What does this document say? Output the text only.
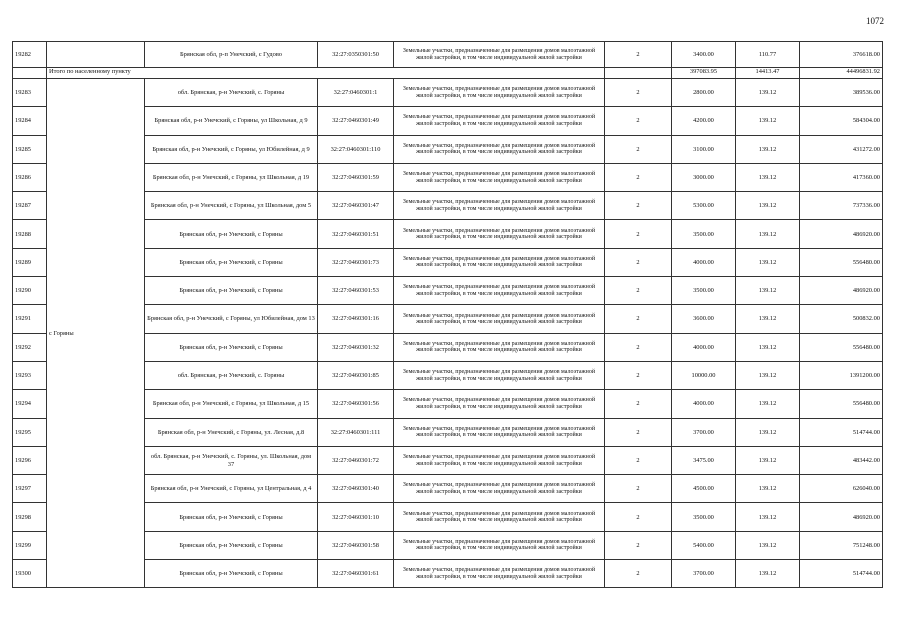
1072
19282		Брянская обл, р-п Унечский, с Гудово	32:27:0350301:50	Земельные участки, предназначенные для размещения домов малоэтажной жилой застройки, в том числе индивидуальной жилой застройки	2	3400.00	110.77	376618.00
	Итого по населенному пункту					397083.95	14413.47	44496831.92
19283	с Горяны	обл. Брянская, р-н Унечский, с. Горяны	32:27:0460301:1	Земельные участки, предназначенные для размещения домов малоэтажной жилой застройки, в том числе индивидуальной жилой застройки	2	2800.00	139.12	389536.00
19284		Брянская обл, р-н Унечский, с Горяны, ул Школьная, д 9	32:27:0460301:49	Земельные участки, предназначенные для размещения домов малоэтажной жилой застройки, в том числе индивидуальной жилой застройки	2	4200.00	139.12	584304.00
19285		Брянская обл, р-н Унечский, с Горяны, ул Юбилейная, д 9	32:27:0460301:110	Земельные участки, предназначенные для размещения домов малоэтажной жилой застройки, в том числе индивидуальной жилой застройки	2	3100.00	139.12	431272.00
19286		Брянская обл, р-н Унечский, с Горяны, ул Школьная, д 19	32:27:0460301:59	Земельные участки, предназначенные для размещения домов малоэтажной жилой застройки, в том числе индивидуальной жилой застройки	2	3000.00	139.12	417360.00
19287		Брянская обл, р-н Унечский, с Горяны, ул Школьная, дом 5	32:27:0460301:47	Земельные участки, предназначенные для размещения домов малоэтажной жилой застройки, в том числе индивидуальной жилой застройки	2	5300.00	139.12	737336.00
19288		Брянская обл, р-н Унечский, с Горяны	32:27:0460301:51	Земельные участки, предназначенные для размещения домов малоэтажной жилой застройки, в том числе индивидуальной жилой застройки	2	3500.00	139.12	486920.00
19289		Брянская обл, р-н Унечский, с Горяны	32:27:0460301:73	Земельные участки, предназначенные для размещения домов малоэтажной жилой застройки, в том числе индивидуальной жилой застройки	2	4000.00	139.12	556480.00
19290		Брянская обл, р-н Унечский, с Горяны	32:27:0460301:53	Земельные участки, предназначенные для размещения домов малоэтажной жилой застройки, в том числе индивидуальной жилой застройки	2	3500.00	139.12	486920.00
19291		Брянская обл, р-н Унечский, с Горяны, ул Юбилейная, дом 13	32:27:0460301:16	Земельные участки, предназначенные для размещения домов малоэтажной жилой застройки, в том числе индивидуальной жилой застройки	2	3600.00	139.12	500832.00
19292		Брянская обл, р-н Унечский, с Горяны	32:27:0460301:32	Земельные участки, предназначенные для размещения домов малоэтажной жилой застройки, в том числе индивидуальной жилой застройки	2	4000.00	139.12	556480.00
19293		обл. Брянская, р-н Унечский, с. Горяны	32:27:0460301:85	Земельные участки, предназначенные для размещения домов малоэтажной жилой застройки, в том числе индивидуальной жилой застройки	2	10000.00	139.12	1391200.00
19294		Брянская обл, р-н Унечский, с Горяны, ул Школьная, д 15	32:27:0460301:56	Земельные участки, предназначенные для размещения домов малоэтажной жилой застройки, в том числе индивидуальной жилой застройки	2	4000.00	139.12	556480.00
19295		Брянская обл, р-н Унечский, с Горяны, ул. Лесная, д.8	32:27:0460301:111	Земельные участки, предназначенные для размещения домов малоэтажной жилой застройки, в том числе индивидуальной жилой застройки	2	3700.00	139.12	514744.00
19296		обл. Брянская, р-н Унечский, с. Горяны, ул. Школьная, дом 37	32:27:0460301:72	Земельные участки, предназначенные для размещения домов малоэтажной жилой застройки, в том числе индивидуальной жилой застройки	2	3475.00	139.12	483442.00
19297		Брянская обл, р-н Унечский, с Горяны, ул Центральная, д 4	32:27:0460301:40	Земельные участки, предназначенные для размещения домов малоэтажной жилой застройки, в том числе индивидуальной жилой застройки	2	4500.00	139.12	626040.00
19298		Брянская обл, р-н Унечский, с Горяны	32:27:0460301:10	Земельные участки, предназначенные для размещения домов малоэтажной жилой застройки, в том числе индивидуальной жилой застройки	2	3500.00	139.12	486920.00
19299		Брянская обл, р-н Унечский, с Горяны	32:27:0460301:58	Земельные участки, предназначенные для размещения домов малоэтажной жилой застройки, в том числе индивидуальной жилой застройки	2	5400.00	139.12	751248.00
19300		Брянская обл, р-н Унечский, с Горяны	32:27:0460301:61	Земельные участки, предназначенные для размещения домов малоэтажной жилой застройки, в том числе индивидуальной жилой застройки	2	3700.00	139.12	514744.00
